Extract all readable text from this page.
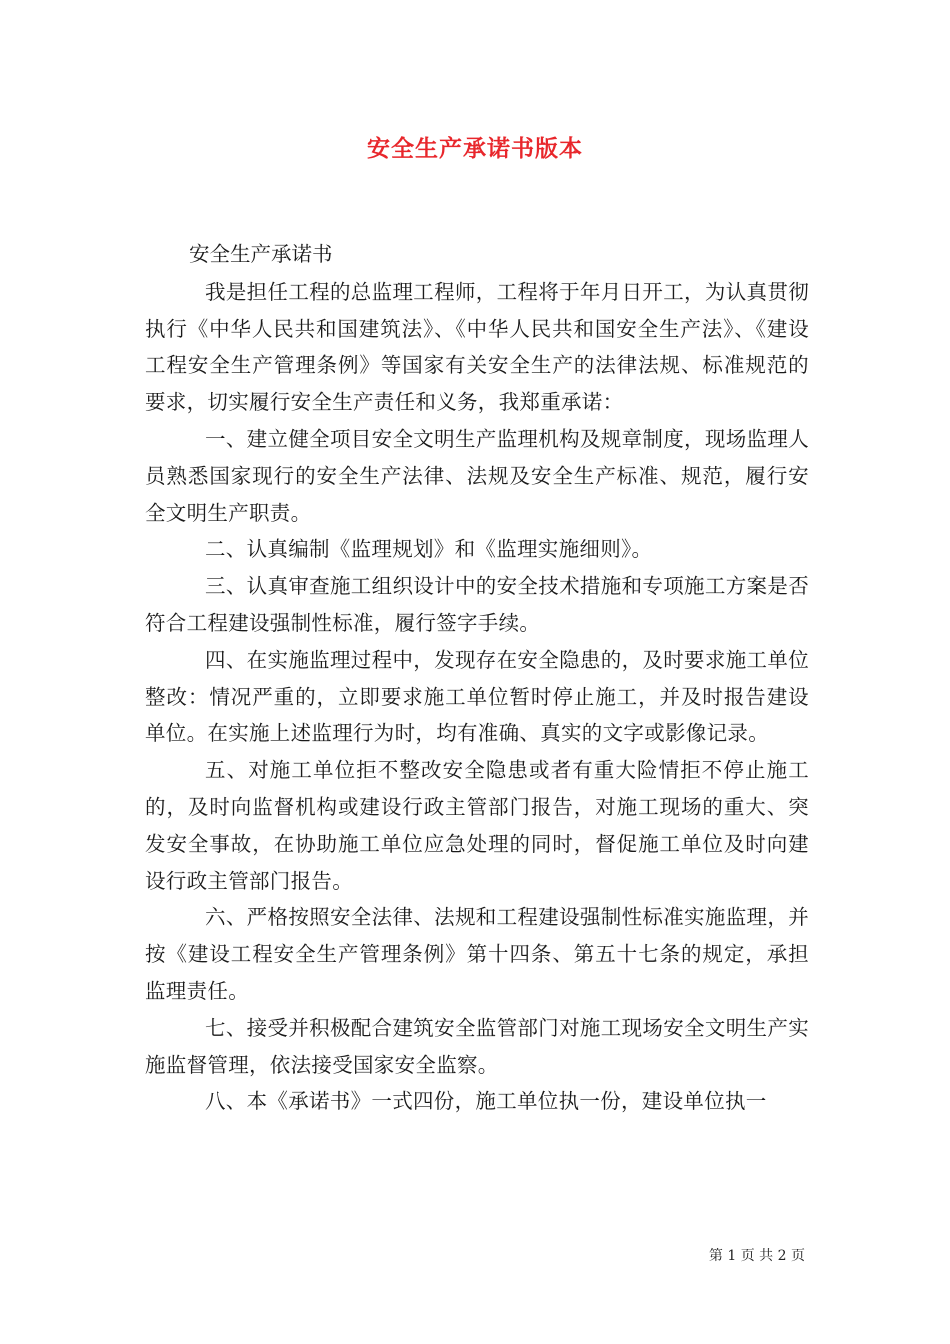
安全生产承诺书版本
安全生产承诺书

我是担任工程的总监理工程师，工程将于年月日开工，为认真贯彻执行《中华人民共和国建筑法》、《中华人民共和国安全生产法》、《建设工程安全生产管理条例》等国家有关安全生产的法律法规、标准规范的要求，切实履行安全生产责任和义务，我郑重承诺：

一、建立健全项目安全文明生产监理机构及规章制度，现场监理人员熟悉国家现行的安全生产法律、法规及安全生产标准、规范，履行安全文明生产职责。

二、认真编制《监理规划》和《监理实施细则》。

三、认真审查施工组织设计中的安全技术措施和专项施工方案是否符合工程建设强制性标准，履行签字手续。

四、在实施监理过程中，发现存在安全隐患的，及时要求施工单位整改：情况严重的，立即要求施工单位暂时停止施工，并及时报告建设单位。在实施上述监理行为时，均有准确、真实的文字或影像记录。

五、对施工单位拒不整改安全隐患或者有重大险情拒不停止施工的，及时向监督机构或建设行政主管部门报告，对施工现场的重大、突发安全事故，在协助施工单位应急处理的同时，督促施工单位及时向建设行政主管部门报告。

六、严格按照安全法律、法规和工程建设强制性标准实施监理，并按《建设工程安全生产管理条例》第十四条、第五十七条的规定，承担监理责任。

七、接受并积极配合建筑安全监管部门对施工现场安全文明生产实施监督管理，依法接受国家安全监察。

八、本《承诺书》一式四份，施工单位执一份，建设单位执一

第 1 页 共 2 页
